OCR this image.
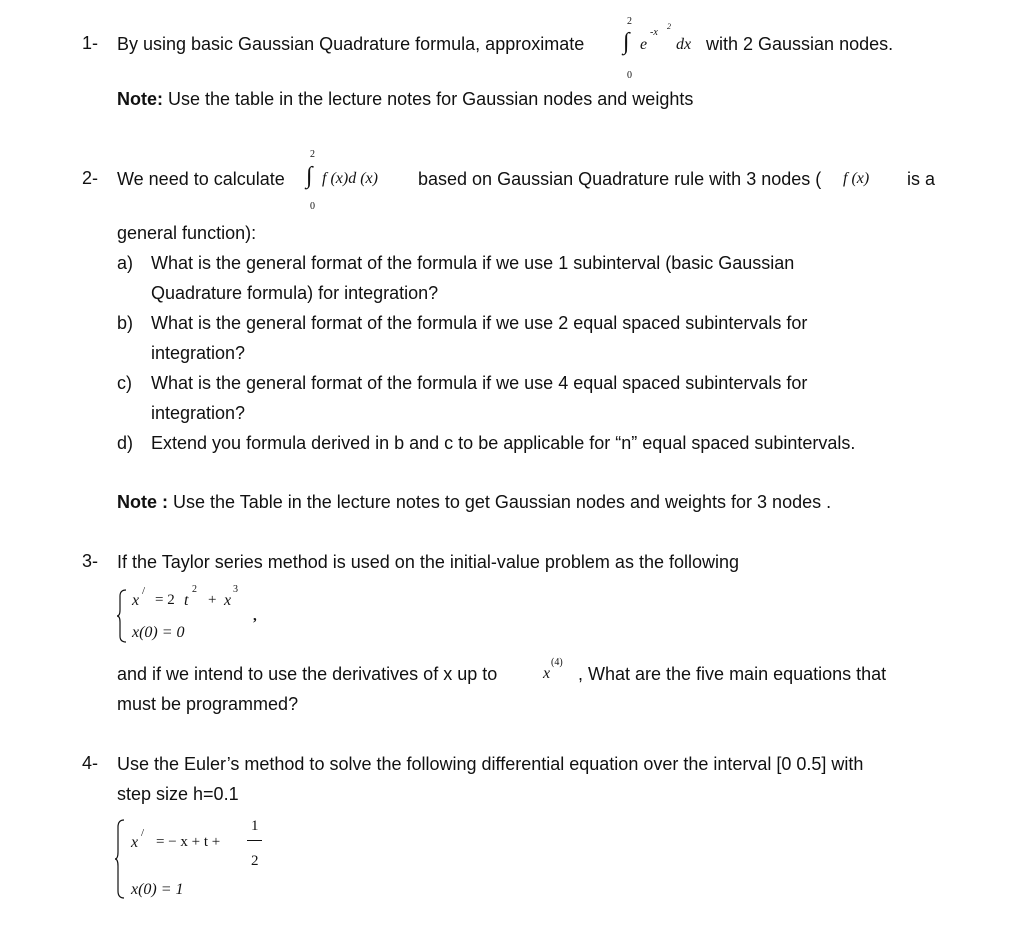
1- By using basic Gaussian Quadrature formula, approximate
2
∫
0
e
-x
2
dx with 2 Gaussian nodes.
Note: Use the table in the lecture notes for Gaussian nodes and weights
2- We need to calculate
2
∫
0
f (x)d (x) based on Gaussian Quadrature rule with 3 nodes ( f (x) is a
general function):
a) What is the general format of the formula if we use 1 subinterval (basic Gaussian
Quadrature formula) for integration?
b) What is the general format of the formula if we use 2 equal spaced subintervals for
integration?
c) What is the general format of the formula if we use 4 equal spaced subintervals for
integration?
d) Extend you formula derived in b and c to be applicable for “n” equal spaced subintervals.
Note : Use the Table in the lecture notes to get Gaussian nodes and weights for 3 nodes .
3- If the Taylor series method is used on the initial-value problem as the following
x
/
= 2 t
2
+ x
3
,
x(0) = 0
and if we intend to use the derivatives of x up to	x
(4)
, What are the five main equations that
must be programmed?
4- Use the Euler’s method to solve the following differential equation over the interval [0 0.5] with
step size h=0.1
x
/
= − x + t +
1
2
x(0) = 1
